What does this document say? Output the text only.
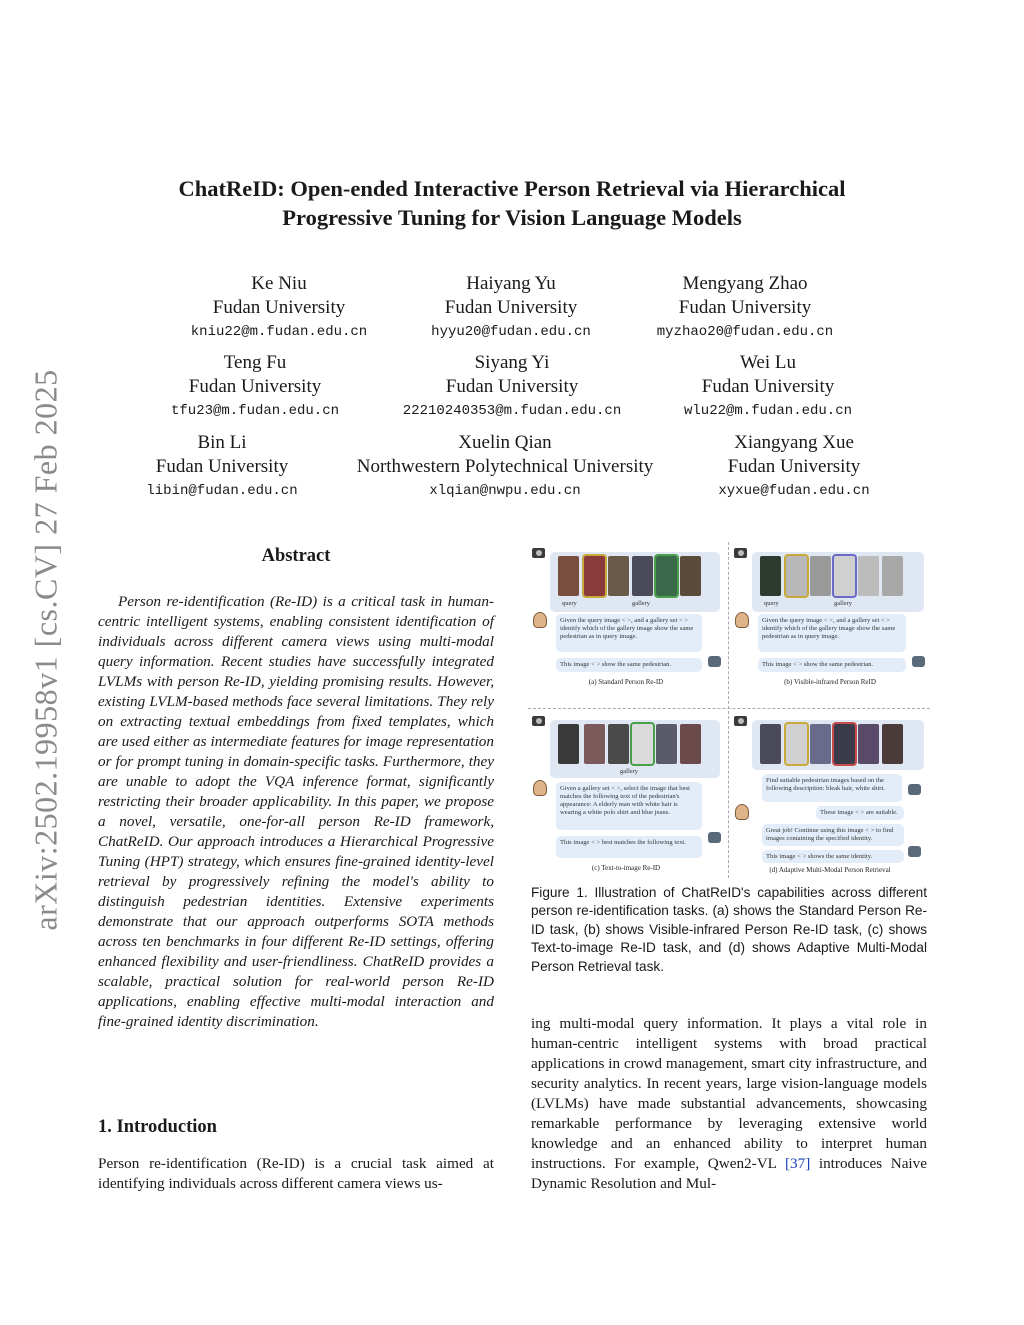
arXiv:2502.19958v1 [cs.CV] 27 Feb 2025
ChatReID: Open-ended Interactive Person Retrieval via Hierarchical
Progressive Tuning for Vision Language Models
Ke Niu
Fudan University
kniu22@m.fudan.edu.cn
Haiyang Yu
Fudan University
hyyu20@fudan.edu.cn
Mengyang Zhao
Fudan University
myzhao20@fudan.edu.cn
Teng Fu
Fudan University
tfu23@m.fudan.edu.cn
Siyang Yi
Fudan University
22210240353@m.fudan.edu.cn
Wei Lu
Fudan University
wlu22@m.fudan.edu.cn
Bin Li
Fudan University
libin@fudan.edu.cn
Xuelin Qian
Northwestern Polytechnical University
xlqian@nwpu.edu.cn
Xiangyang Xue
Fudan University
xyxue@fudan.edu.cn
Abstract

Person re-identification (Re-ID) is a critical task in human-centric intelligent systems, enabling consistent identification of individuals across different camera views using multi-modal query information. Recent studies have successfully integrated LVLMs with person Re-ID, yielding promising results. However, existing LVLM-based methods face several limitations. They rely on extracting textual embeddings from fixed templates, which are used either as intermediate features for image representation or for prompt tuning in domain-specific tasks. Furthermore, they are unable to adopt the VQA inference format, significantly restricting their broader applicability. In this paper, we propose a novel, versatile, one-for-all person Re-ID framework, ChatReID. Our approach introduces a Hierarchical Progressive Tuning (HPT) strategy, which ensures fine-grained identity-level retrieval by progressively refining the model's ability to distinguish pedestrian identities. Extensive experiments demonstrate that our approach outperforms SOTA methods across ten benchmarks in four different Re-ID settings, offering enhanced flexibility and user-friendliness. ChatReID provides a scalable, practical solution for real-world person Re-ID applications, enabling effective multi-modal interaction and fine-grained identity discrimination.

1. Introduction

Person re-identification (Re-ID) is a crucial task aimed at identifying individuals across different camera views us-

query	gallery
Given the query image < >, and a gallery set < > identify which of the gallery image show the same pedestrian as in query image.
This image < > show the same pedestrian.
(a) Standard Person Re-ID
query	gallery
Given the query image < >, and a gallery set < > identify which of the gallery image show the same pedestrian as in query image.
This image < > show the same pedestrian.
(b) Visible-infrared Person ReID
gallery
Given a gallery set < >, select the image that best matches the following text of the pedestrian's appearance: A elderly man with white hair is wearing a white polo shirt and blue jeans.
This image < > best matches the following text.
(c) Text-to-image Re-ID
Find suitable pedestrian images based on the following description: bleak hair, white shirt.
These image < > are suitable.
Great job! Continue using this image < > to find images containing the specified identity.
This image < > shows the same identity.
(d) Adaptive Multi-Modal Person Retrieval

Figure 1. Illustration of ChatReID's capabilities across different person re-identification tasks. (a) shows the Standard Person Re-ID task, (b) shows Visible-infrared Person Re-ID task, (c) shows Text-to-image Re-ID task, and (d) shows Adaptive Multi-Modal Person Retrieval task.

ing multi-modal query information. It plays a vital role in human-centric intelligent systems with broad practical applications in crowd management, smart city infrastructure, and security analytics. In recent years, large vision-language models (LVLMs) have made substantial advancements, showcasing remarkable performance by leveraging extensive world knowledge and an enhanced ability to interpret human instructions. For example, Qwen2-VL [37] introduces Naive Dynamic Resolution and Mul-
